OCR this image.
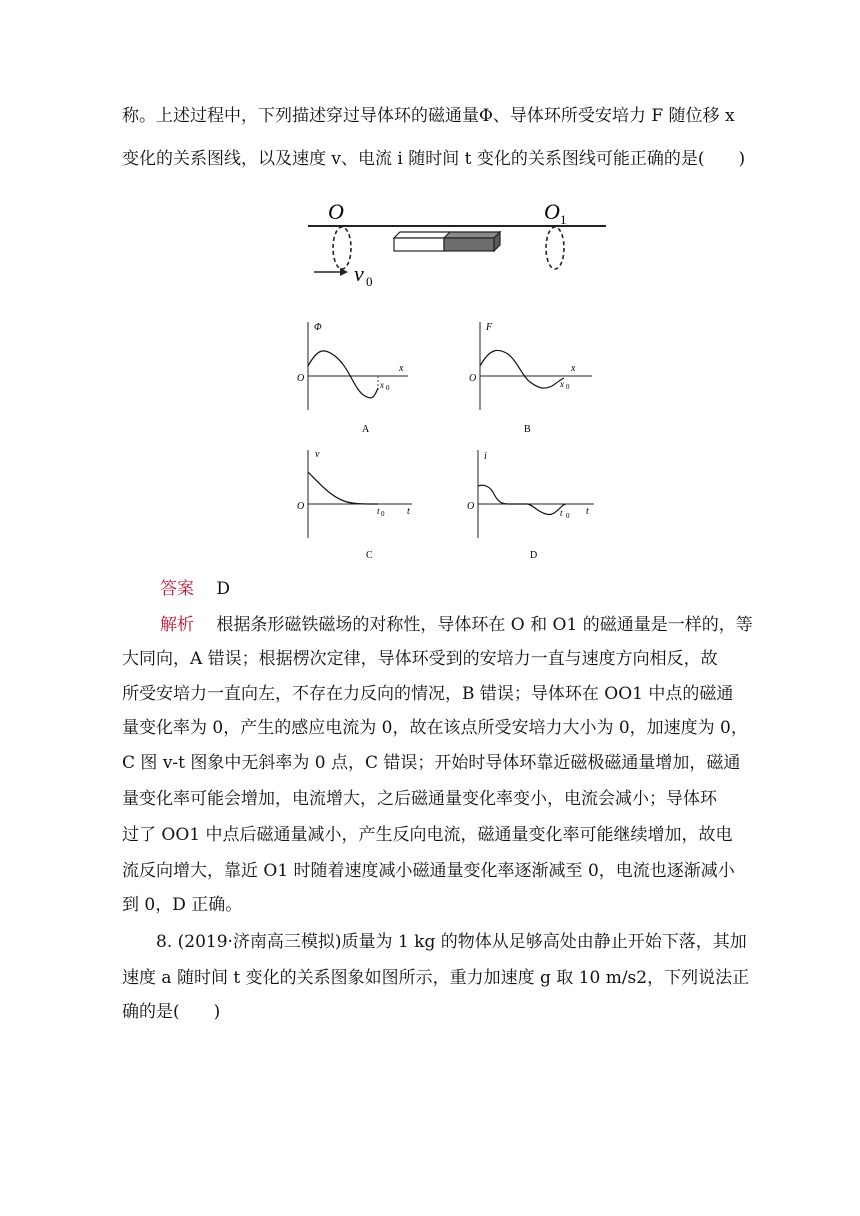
称。上述过程中，下列描述穿过导体环的磁通量Φ、导体环所受安培力 F 随位移 x
变化的关系图线，以及速度 v、电流 i 随时间 t 变化的关系图线可能正确的是(　　)
O	O 1
v 0
Φ
O
x
x 0
A
F
O
x
x 0
B
v
O	t
t 0
C
i
O	t
t 0
D
答案　 D
解析　 根据条形磁铁磁场的对称性，导体环在 O 和 O1 的磁通量是一样的，等
大同向，A 错误；根据楞次定律，导体环受到的安培力一直与速度方向相反，故
所受安培力一直向左，不存在力反向的情况，B 错误；导体环在 OO1 中点的磁通
量变化率为 0，产生的感应电流为 0，故在该点所受安培力大小为 0，加速度为 0，
C 图 v-t 图象中无斜率为 0 点，C 错误；开始时导体环靠近磁极磁通量增加，磁通
量变化率可能会增加，电流增大，之后磁通量变化率变小，电流会减小；导体环
过了 OO1 中点后磁通量减小，产生反向电流，磁通量变化率可能继续增加，故电
流反向增大，靠近 O1 时随着速度减小磁通量变化率逐渐减至 0，电流也逐渐减小
到 0，D 正确。
8. (2019·济南高三模拟)质量为 1 kg 的物体从足够高处由静止开始下落，其加
速度 a 随时间 t 变化的关系图象如图所示，重力加速度 g 取 10 m/s2，下列说法正
确的是(　　)
